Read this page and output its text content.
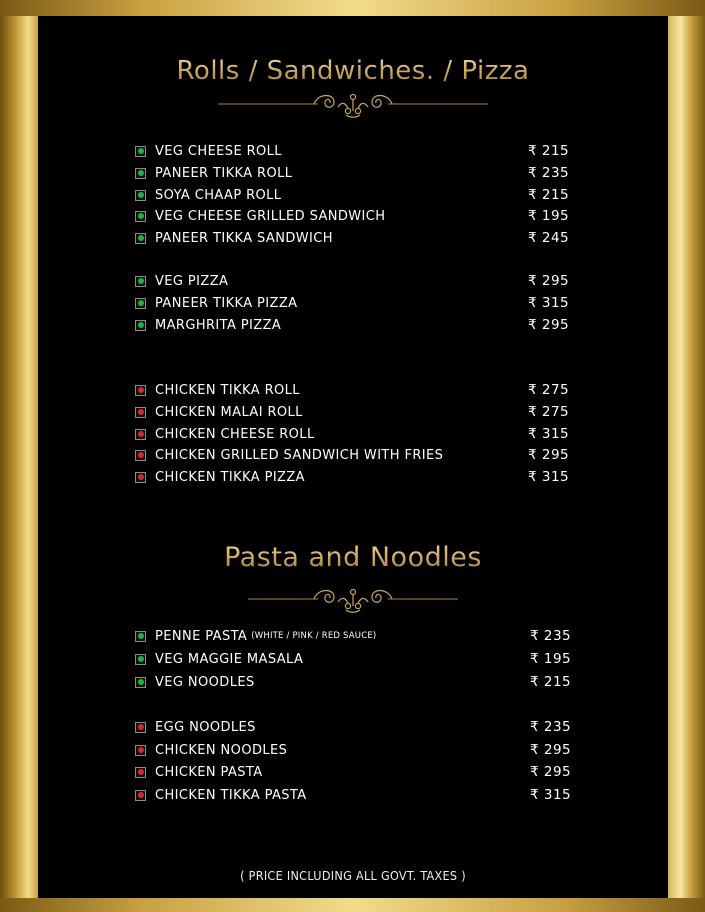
Rolls / Sandwiches. / Pizza
VEG CHEESE ROLL	₹ 215
PANEER TIKKA ROLL	₹ 235
SOYA CHAAP ROLL	₹ 215
VEG CHEESE GRILLED SANDWICH	₹ 195
PANEER TIKKA SANDWICH	₹ 245
VEG PIZZA	₹ 295
PANEER TIKKA PIZZA	₹ 315
MARGHRITA PIZZA	₹ 295
CHICKEN TIKKA ROLL	₹ 275
CHICKEN MALAI ROLL	₹ 275
CHICKEN CHEESE ROLL	₹ 315
CHICKEN GRILLED SANDWICH WITH FRIES	₹ 295
CHICKEN TIKKA PIZZA	₹ 315
Pasta and Noodles
PENNE PASTA (WHITE / PINK / RED SAUCE)	₹ 235
VEG MAGGIE MASALA	₹ 195
VEG NOODLES	₹ 215
EGG NOODLES	₹ 235
CHICKEN NOODLES	₹ 295
CHICKEN PASTA	₹ 295
CHICKEN TIKKA PASTA	₹ 315
( PRICE INCLUDING ALL GOVT. TAXES )
